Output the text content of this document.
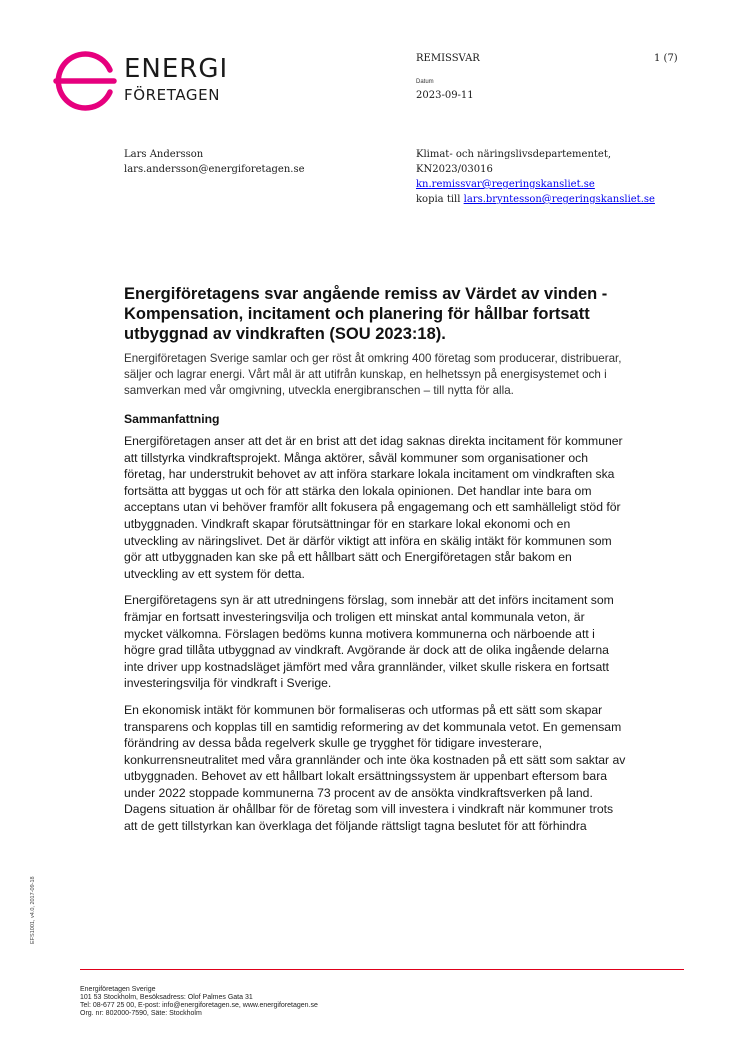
ENERGI
FÖRETAGEN
REMISSVAR	1 (7)
Datum
2023-09-11
Lars Andersson
lars.andersson@energiforetagen.se
Klimat- och näringslivsdepartementet,
KN2023/03016
kn.remissvar@regeringskansliet.se
kopia till lars.bryntesson@regeringskansliet.se
Energiföretagens svar angående remiss av Värdet av vinden - Kompensation, incitament och planering för hållbar fortsatt utbyggnad av vindkraften (SOU 2023:18).
Energiföretagen Sverige samlar och ger röst åt omkring 400 företag som producerar, distribuerar, säljer och lagrar energi. Vårt mål är att utifrån kunskap, en helhetssyn på energisystemet och i samverkan med vår omgivning, utveckla energibranschen – till nytta för alla.
Sammanfattning
Energiföretagen anser att det är en brist att det idag saknas direkta incitament för kommuner att tillstyrka vindkraftsprojekt. Många aktörer, såväl kommuner som organisationer och företag, har understrukit behovet av att införa starkare lokala incitament om vindkraften ska fortsätta att byggas ut och för att stärka den lokala opinionen. Det handlar inte bara om acceptans utan vi behöver framför allt fokusera på engagemang och ett samhälleligt stöd för utbyggnaden. Vindkraft skapar förutsättningar för en starkare lokal ekonomi och en utveckling av näringslivet. Det är därför viktigt att införa en skälig intäkt för kommunen som gör att utbyggnaden kan ske på ett hållbart sätt och Energiföretagen står bakom en utveckling av ett system för detta.
Energiföretagens syn är att utredningens förslag, som innebär att det införs incitament som främjar en fortsatt investeringsvilja och troligen ett minskat antal kommunala veton, är mycket välkomna. Förslagen bedöms kunna motivera kommunerna och närboende att i högre grad tillåta utbyggnad av vindkraft. Avgörande är dock att de olika ingående delarna inte driver upp kostnadsläget jämfört med våra grannländer, vilket skulle riskera en fortsatt investeringsvilja för vindkraft i Sverige.
En ekonomisk intäkt för kommunen bör formaliseras och utformas på ett sätt som skapar transparens och kopplas till en samtidig reformering av det kommunala vetot. En gemensam förändring av dessa båda regelverk skulle ge trygghet för tidigare investerare, konkurrensneutralitet med våra grannländer och inte öka kostnaden på ett sätt som saktar av utbyggnaden. Behovet av ett hållbart lokalt ersättningssystem är uppenbart eftersom bara under 2022 stoppade kommunerna 73 procent av de ansökta vindkraftsverken på land. Dagens situation är ohållbar för de företag som vill investera i vindkraft när kommuner trots att de gett tillstyrkan kan överklaga det följande rättsligt tagna beslutet för att förhindra
Energiföretagen Sverige
101 53 Stockholm, Besöksadress: Olof Palmes Gata 31
Tel: 08-677 25 00, E-post: info@energiforetagen.se, www.energiforetagen.se
Org. nr: 802000-7590, Säte: Stockholm
EFS1001, v4.0, 2017-09-18
